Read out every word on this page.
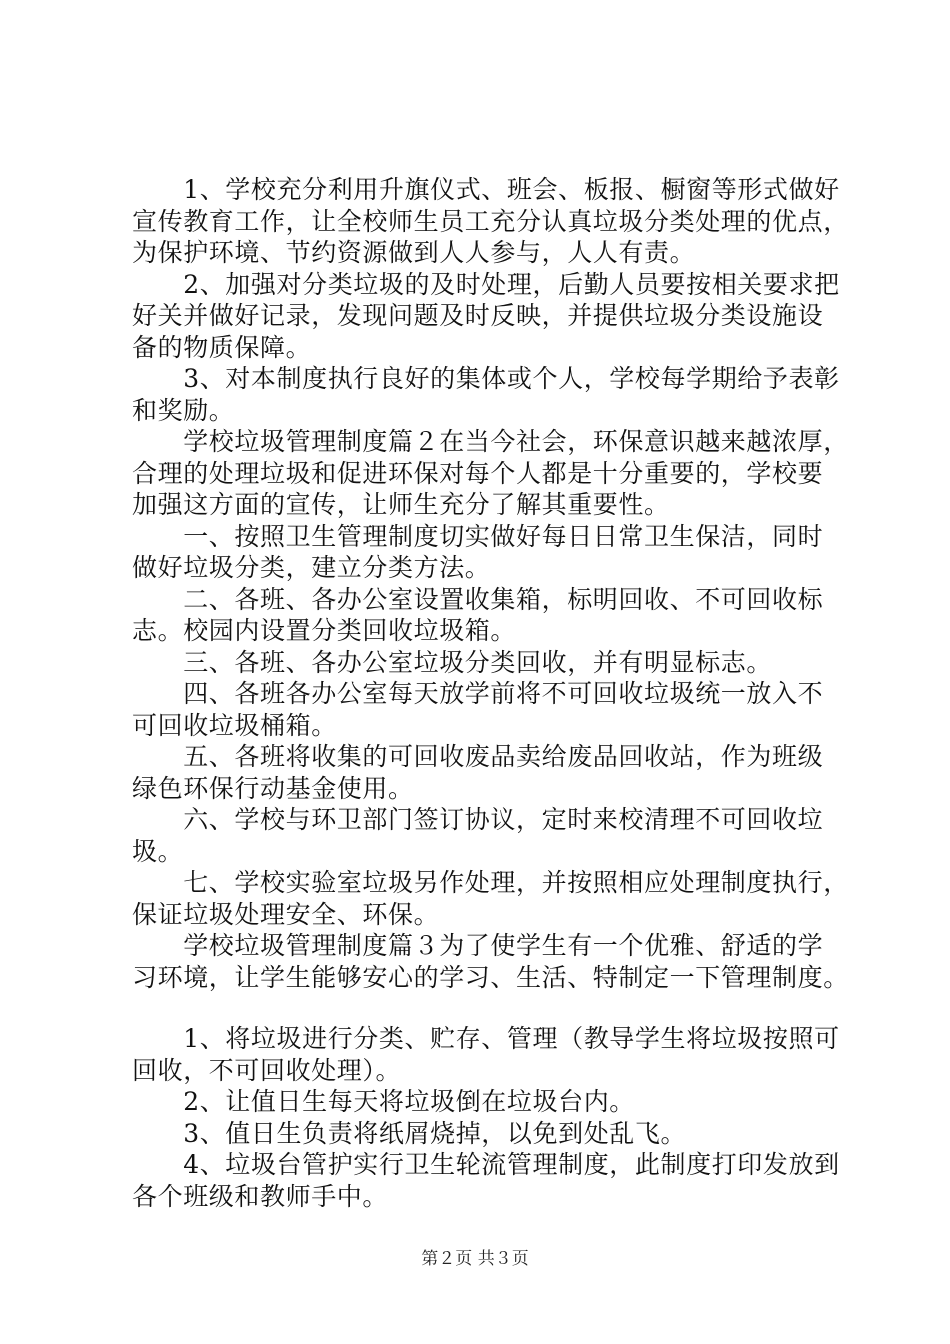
　　1、学校充分利用升旗仪式、班会、板报、橱窗等形式做好
宣传教育工作，让全校师生员工充分认真垃圾分类处理的优点，
为保护环境、节约资源做到人人参与，人人有责。
　　2、加强对分类垃圾的及时处理，后勤人员要按相关要求把
好关并做好记录，发现问题及时反映，并提供垃圾分类设施设
备的物质保障。
　　3、对本制度执行良好的集体或个人，学校每学期给予表彰
和奖励。
　　学校垃圾管理制度篇２在当今社会，环保意识越来越浓厚，
合理的处理垃圾和促进环保对每个人都是十分重要的，学校要
加强这方面的宣传，让师生充分了解其重要性。
　　一、按照卫生管理制度切实做好每日日常卫生保洁，同时
做好垃圾分类，建立分类方法。
　　二、各班、各办公室设置收集箱，标明回收、不可回收标
志。校园内设置分类回收垃圾箱。
　　三、各班、各办公室垃圾分类回收，并有明显标志。
　　四、各班各办公室每天放学前将不可回收垃圾统一放入不
可回收垃圾桶箱。
　　五、各班将收集的可回收废品卖给废品回收站，作为班级
绿色环保行动基金使用。
　　六、学校与环卫部门签订协议，定时来校清理不可回收垃
圾。
　　七、学校实验室垃圾另作处理，并按照相应处理制度执行，
保证垃圾处理安全、环保。
　　学校垃圾管理制度篇３为了使学生有一个优雅、舒适的学
习环境，让学生能够安心的学习、生活、特制定一下管理制度。
　　1、将垃圾进行分类、贮存、管理（教导学生将垃圾按照可
回收，不可回收处理）。
　　2、让值日生每天将垃圾倒在垃圾台内。
　　3、值日生负责将纸屑烧掉，以免到处乱飞。
　　4、垃圾台管护实行卫生轮流管理制度，此制度打印发放到
各个班级和教师手中。
第２页 共３页
